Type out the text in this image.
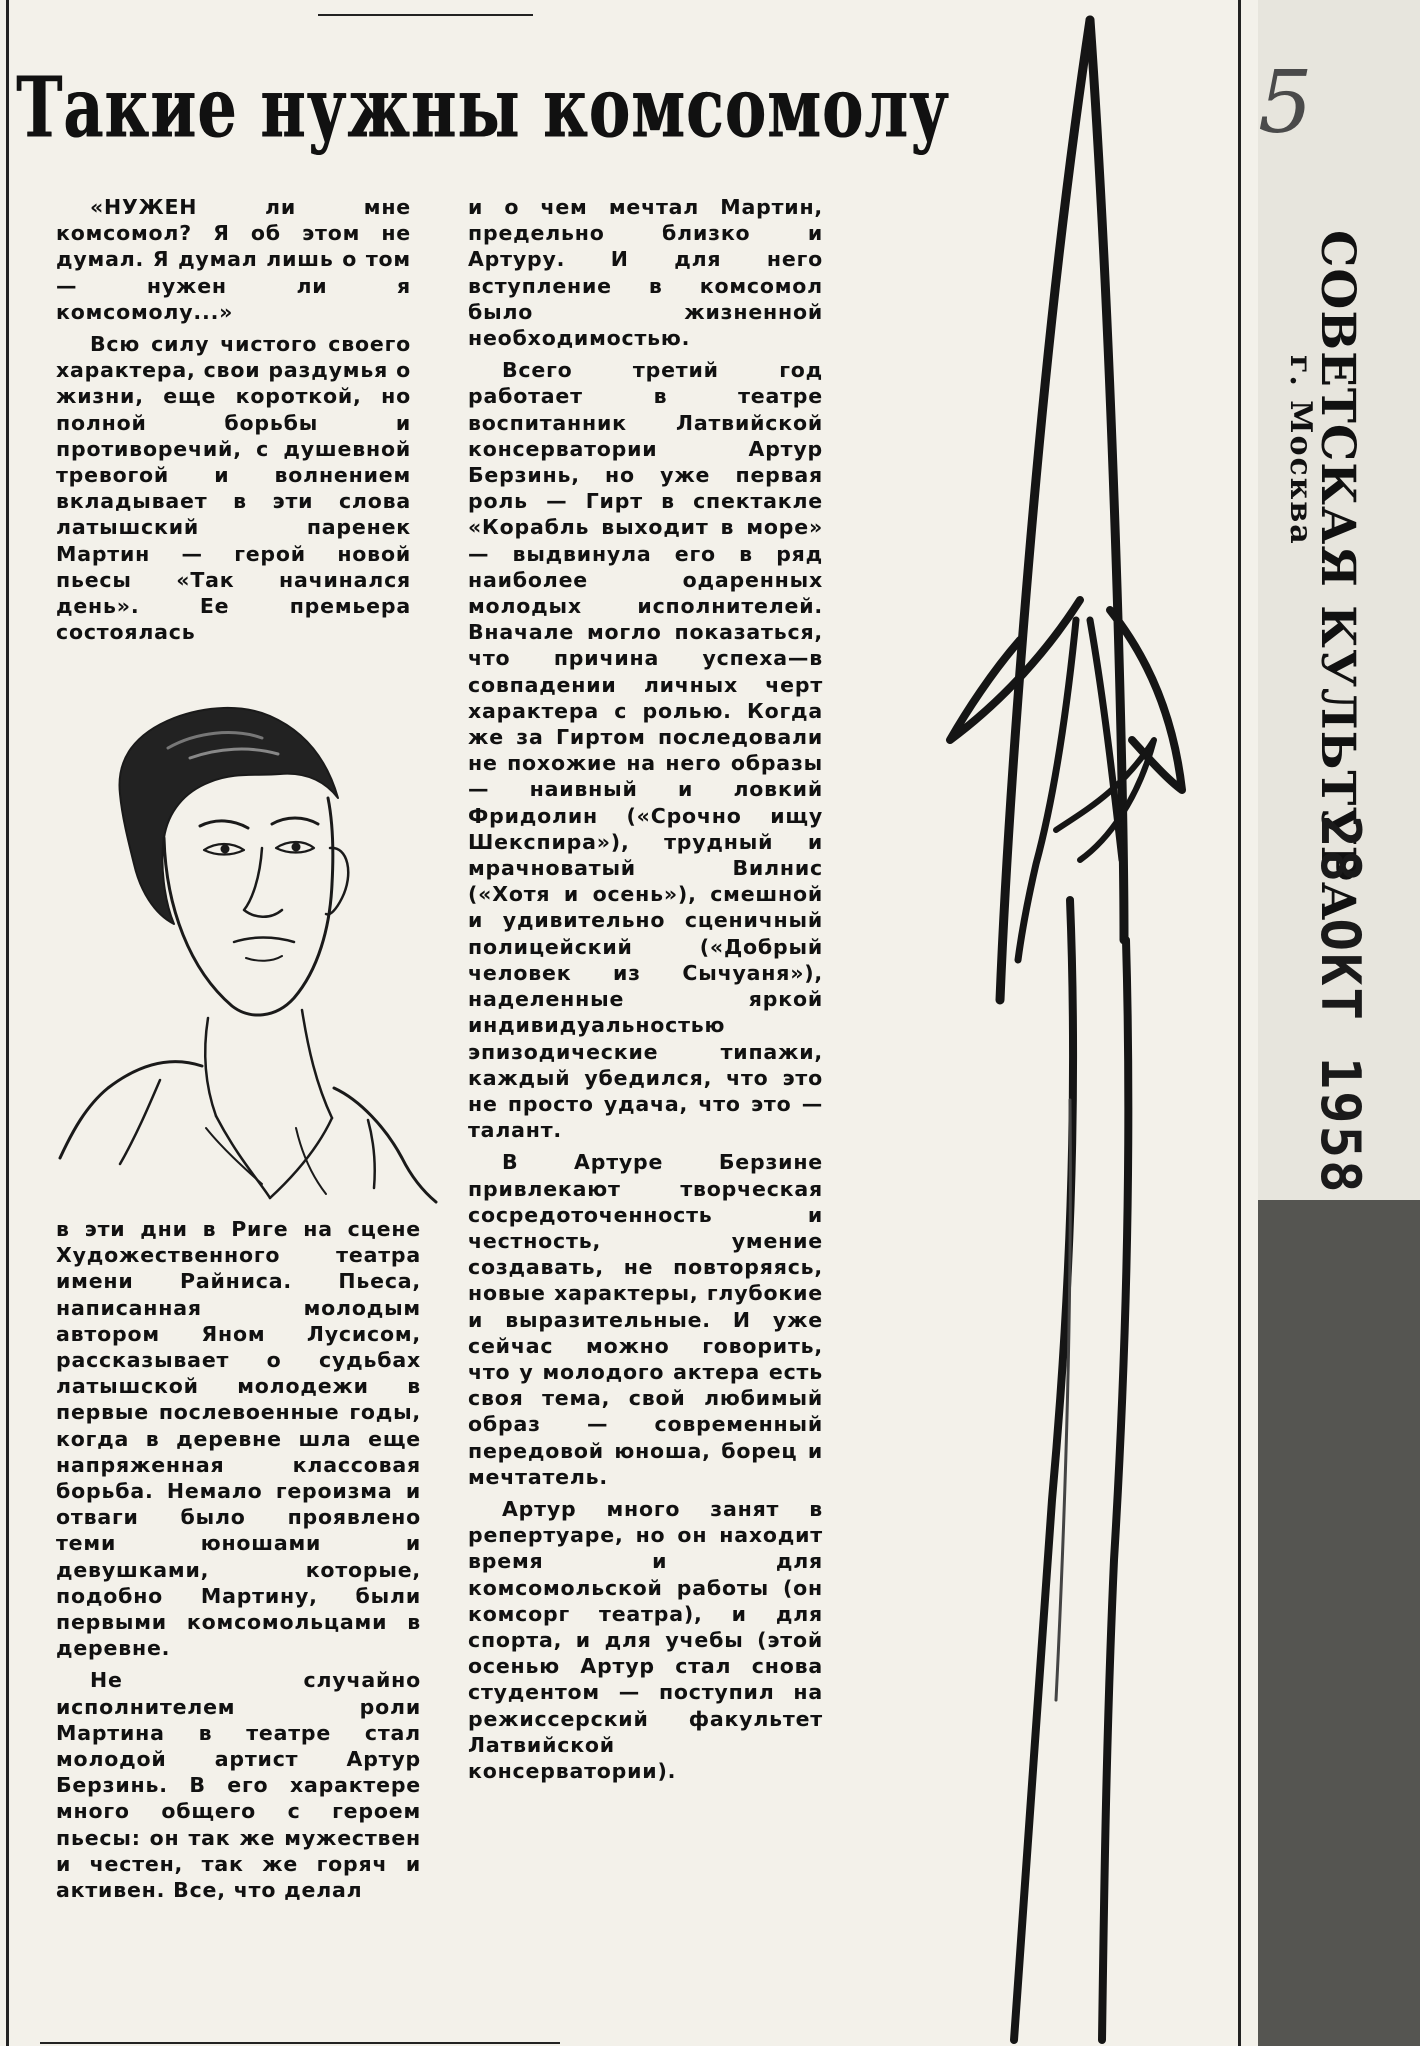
Такие нужны комсомолу

«НУЖЕН ли мне комсомол? Я об этом не думал. Я думал лишь о том — нужен ли я комсомолу...»

Всю силу чистого своего характера, свои раздумья о жизни, еще короткой, но полной борьбы и противоречий, с душевной тревогой и волнением вкладывает в эти слова латышский паренек Мартин — герой новой пьесы «Так начинался день». Ее премьера состоялась

в эти дни в Риге на сцене Художественного театра имени Райниса. Пьеса, написанная молодым автором Яном Лусисом, рассказывает о судьбах латышской молодежи в первые послевоенные годы, когда в деревне шла еще напряженная классовая борьба. Немало героизма и отваги было проявлено теми юношами и девушками, которые, подобно Мартину, были первыми комсомольцами в деревне.

Не случайно исполнителем роли Мартина в театре стал молодой артист Артур Берзинь. В его характере много общего с героем пьесы: он так же мужествен и честен, так же горяч и активен. Все, что делал

и о чем мечтал Мартин, предельно близко и Артуру. И для него вступление в комсомол было жизненной необходимостью.

Всего третий год работает в театре воспитанник Латвийской консерватории Артур Берзинь, но уже первая роль — Гирт в спектакле «Корабль выходит в море» — выдвинула его в ряд наиболее одаренных молодых исполнителей. Вначале могло показаться, что причина успеха—в совпадении личных черт характера с ролью. Когда же за Гиртом последовали не похожие на него образы — наивный и ловкий Фридолин («Срочно ищу Шекспира»), трудный и мрачноватый Вилнис («Хотя и осень»), смешной и удивительно сценичный полицейский («Добрый человек из Сычуаня»), наделенные яркой индивидуальностью эпизодические типажи, каждый убедился, что это не просто удача, что это —талант.

В Артуре Берзине привлекают творческая сосредоточенность и честность, умение создавать, не повторяясь, новые характеры, глубокие и выразительные. И уже сейчас можно говорить, что у молодого актера есть своя тема, свой любимый образ — современный передовой юноша, борец и мечтатель.

Артур много занят в репертуаре, но он находит время и для комсомольской работы (он комсорг театра), и для спорта, и для учебы (этой осенью Артур стал снова студентом — поступил на режиссерский факультет Латвийской консерватории).

5
СОВЕТСКАЯ КУЛЬТУРА
г. Москва
28 ОКТ 1958
